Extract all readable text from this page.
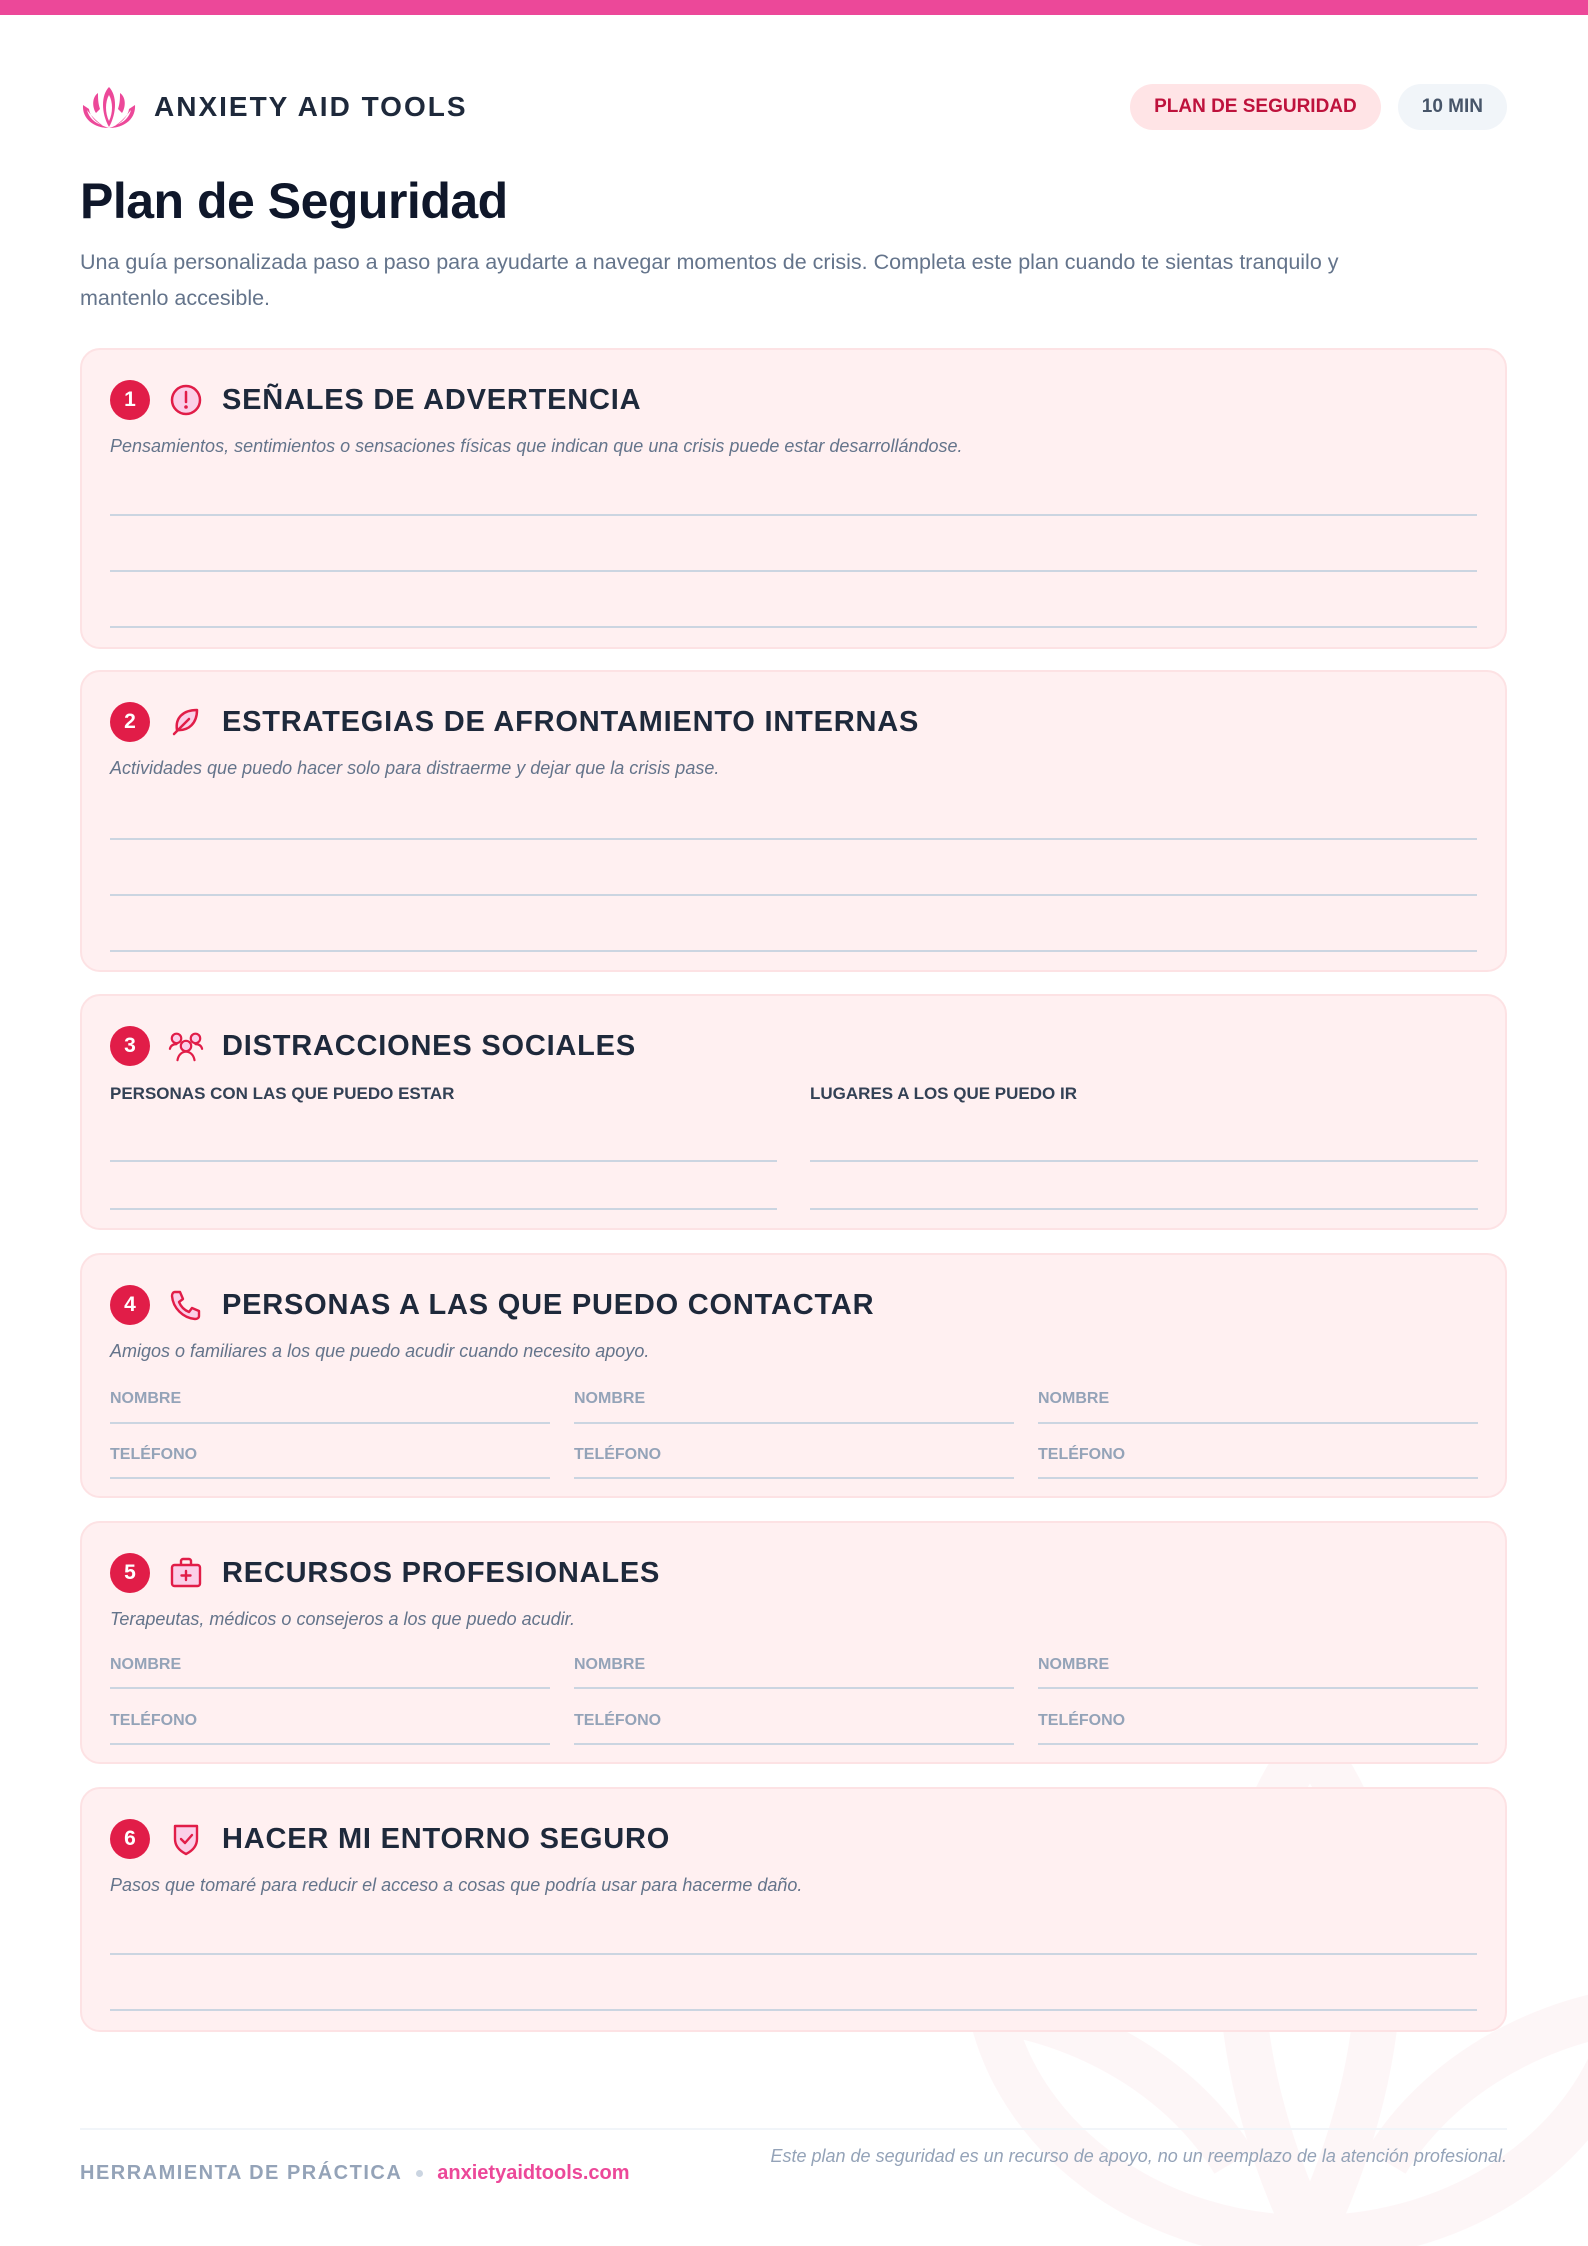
ANXIETY AID TOOLS	PLAN DE SEGURIDAD	10 MIN
Plan de Seguridad

Una guía personalizada paso a paso para ayudarte a navegar momentos de crisis. Completa este plan cuando te sientas tranquilo y mantenlo accesible.

1	SEÑALES DE ADVERTENCIA

Pensamientos, sentimientos o sensaciones físicas que indican que una crisis puede estar desarrollándose.

2	ESTRATEGIAS DE AFRONTAMIENTO INTERNAS

Actividades que puedo hacer solo para distraerme y dejar que la crisis pase.

3	DISTRACCIONES SOCIALES
PERSONAS CON LAS QUE PUEDO ESTAR	LUGARES A LOS QUE PUEDO IR
4	PERSONAS A LAS QUE PUEDO CONTACTAR

Amigos o familiares a los que puedo acudir cuando necesito apoyo.

NOMBRE	NOMBRE	NOMBRE
TELÉFONO	TELÉFONO	TELÉFONO
5	RECURSOS PROFESIONALES

Terapeutas, médicos o consejeros a los que puedo acudir.

NOMBRE	NOMBRE	NOMBRE
TELÉFONO	TELÉFONO	TELÉFONO
6	HACER MI ENTORNO SEGURO

Pasos que tomaré para reducir el acceso a cosas que podría usar para hacerme daño.

HERRAMIENTA DE PRÁCTICA anxietyaidtools.com

Este plan de seguridad es un recurso de apoyo, no un reemplazo de la atención profesional.
